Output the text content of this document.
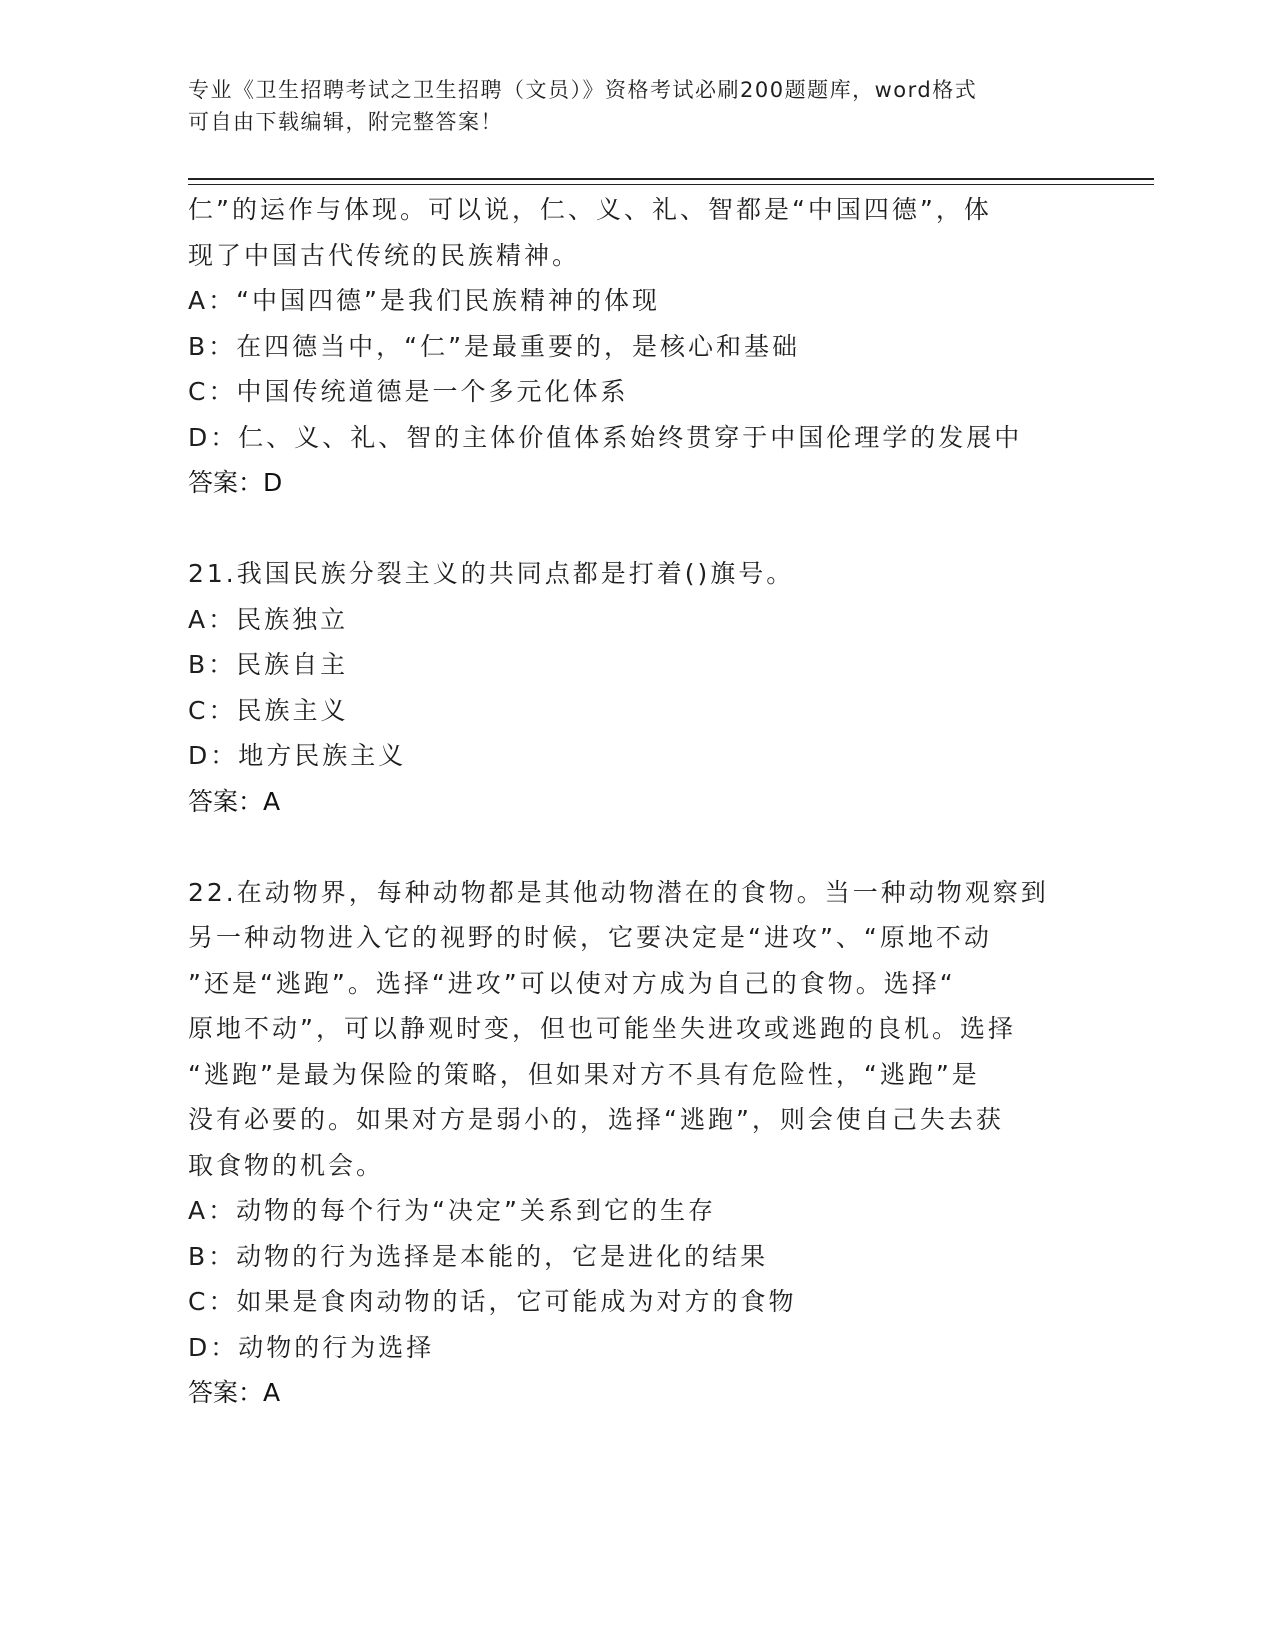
专业《卫生招聘考试之卫生招聘（文员）》资格考试必刷200题题库，word格式
可自由下载编辑，附完整答案！
仁”的运作与体现。可以说，仁、义、礼、智都是“中国四德”，体
现了中国古代传统的民族精神。
A：“中国四德”是我们民族精神的体现
B：在四德当中，“仁”是最重要的，是核心和基础
C：中国传统道德是一个多元化体系
D：仁、义、礼、智的主体价值体系始终贯穿于中国伦理学的发展中
答案：D
21.我国民族分裂主义的共同点都是打着()旗号。
A：民族独立
B：民族自主
C：民族主义
D：地方民族主义
答案：A
22.在动物界，每种动物都是其他动物潜在的食物。当一种动物观察到
另一种动物进入它的视野的时候，它要决定是“进攻”、“原地不动
”还是“逃跑”。选择“进攻”可以使对方成为自己的食物。选择“
原地不动”，可以静观时变，但也可能坐失进攻或逃跑的良机。选择
“逃跑”是最为保险的策略，但如果对方不具有危险性，“逃跑”是
没有必要的。如果对方是弱小的，选择“逃跑”，则会使自己失去获
取食物的机会。
A：动物的每个行为“决定”关系到它的生存
B：动物的行为选择是本能的，它是进化的结果
C：如果是食肉动物的话，它可能成为对方的食物
D：动物的行为选择
答案：A
